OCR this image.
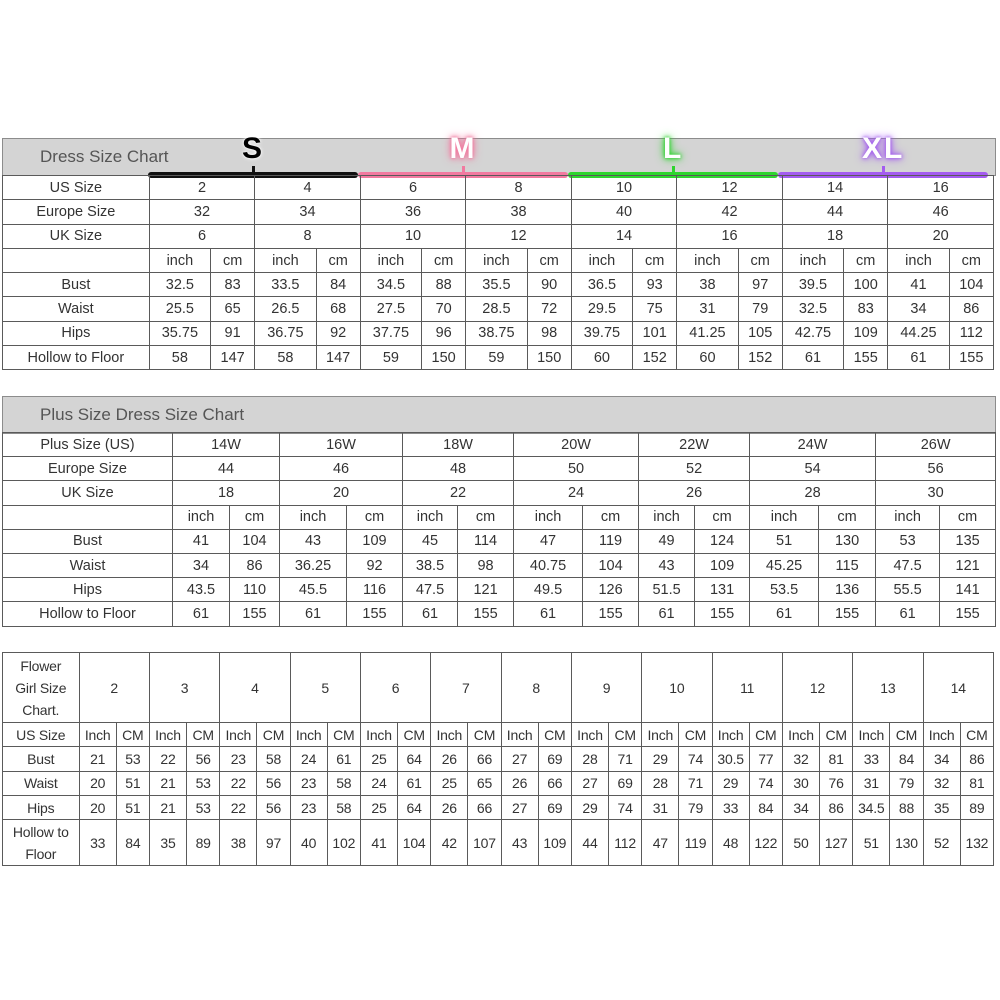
Dress Size Chart S	M	L	XL
US Size	2		4		6		8		10		12		14		16	
Europe Size	32		34		36		38		40		42		44		46	
UK Size	6		8		10		12		14		16		18		20	
	inch	cm	inch	cm	inch	cm	inch	cm	inch	cm	inch	cm	inch	cm	inch	cm
Bust	32.5	83	33.5	84	34.5	88	35.5	90	36.5	93	38	97	39.5	100	41	104
Waist	25.5	65	26.5	68	27.5	70	28.5	72	29.5	75	31	79	32.5	83	34	86
Hips	35.75	91	36.75	92	37.75	96	38.75	98	39.75	101	41.25	105	42.75	109	44.25	112
Hollow to Floor	58	147	58	147	59	150	59	150	60	152	60	152	61	155	61	155
Plus Size Dress Size Chart
Plus Size (US)	14W		16W		18W		20W		22W		24W		26W	
Europe Size	44		46		48		50		52		54		56	
UK Size	18		20		22		24		26		28		30	
	inch	cm	inch	cm	inch	cm	inch	cm	inch	cm	inch	cm	inch	cm
Bust	41	104	43	109	45	114	47	119	49	124	51	130	53	135
Waist	34	86	36.25	92	38.5	98	40.75	104	43	109	45.25	115	47.5	121
Hips	43.5	110	45.5	116	47.5	121	49.5	126	51.5	131	53.5	136	55.5	141
Hollow to Floor	61	155	61	155	61	155	61	155	61	155	61	155	61	155
Flower
Girl Size
Chart.	2		3		4		5		6		7		8		9		10		11		12		13		14	
US Size	Inch	CM	Inch	CM	Inch	CM	Inch	CM	Inch	CM	Inch	CM	Inch	CM	Inch	CM	Inch	CM	Inch	CM	Inch	CM	Inch	CM	Inch	CM
Bust	21	53	22	56	23	58	24	61	25	64	26	66	27	69	28	71	29	74	30.5	77	32	81	33	84	34	86
Waist	20	51	21	53	22	56	23	58	24	61	25	65	26	66	27	69	28	71	29	74	30	76	31	79	32	81
Hips	20	51	21	53	22	56	23	58	25	64	26	66	27	69	29	74	31	79	33	84	34	86	34.5	88	35	89

Hollow to
Floor	33	84	35	89	38	97	40	102	41	104	42	107	43	109	44	112	47	119	48	122	50	127	51	130	52	132
